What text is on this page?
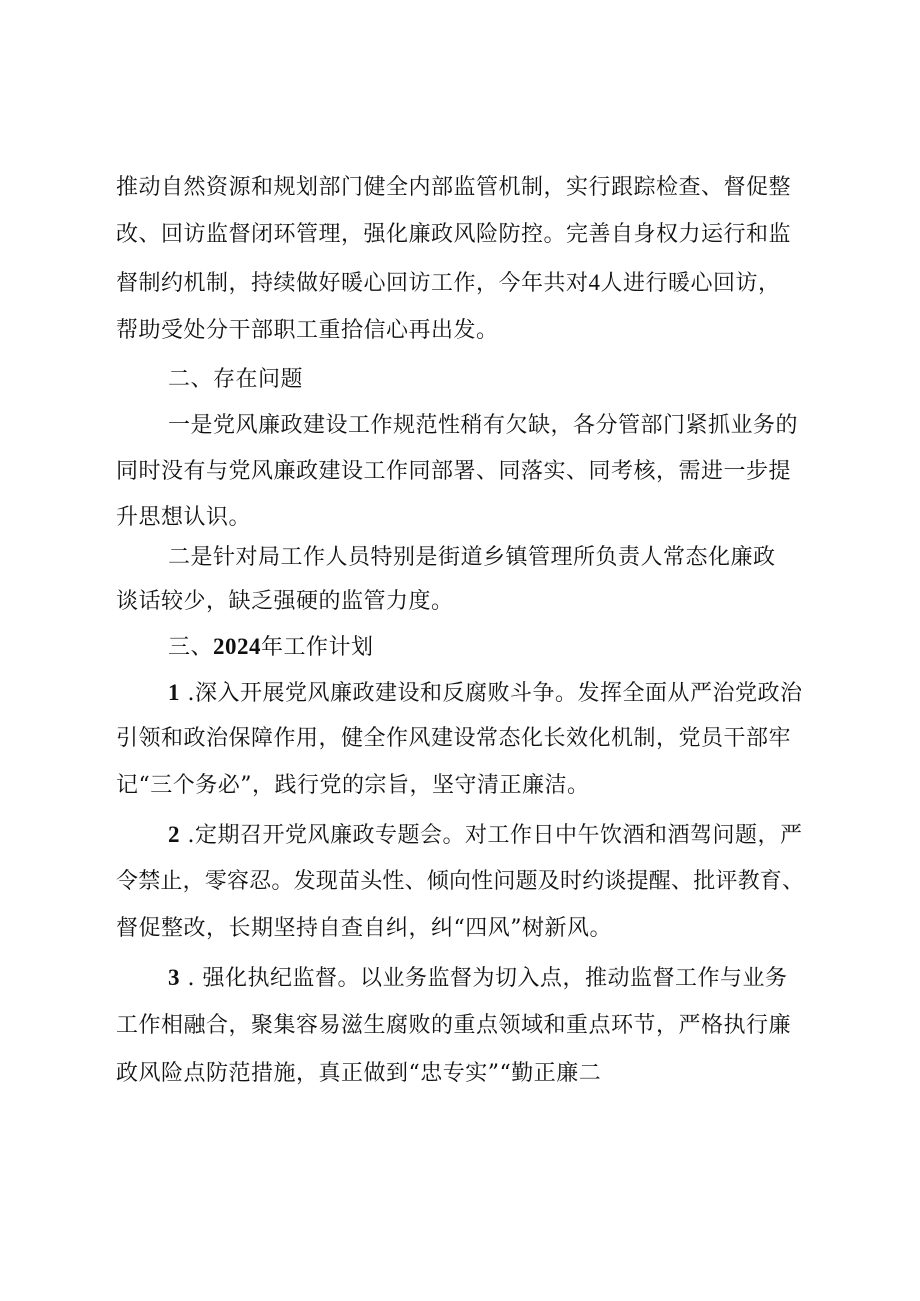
推动自然资源和规划部门健全内部监管机制，实行跟踪检查、督促整
改、回访监督闭环管理，强化廉政风险防控。完善自身权力运行和监
督制约机制，持续做好暖心回访工作，今年共对4人进行暖心回访，
帮助受处分干部职工重拾信心再出发。
二、存在问题
一是党风廉政建设工作规范性稍有欠缺，各分管部门紧抓业务的
同时没有与党风廉政建设工作同部署、同落实、同考核，需进一步提
升思想认识。
二是针对局工作人员特别是街道乡镇管理所负责人常态化廉政
谈话较少，缺乏强硬的监管力度。
三、2024年工作计划
1 .深入开展党风廉政建设和反腐败斗争。发挥全面从严治党政治
引领和政治保障作用，健全作风建设常态化长效化机制，党员干部牢
记“三个务必”，践行党的宗旨，坚守清正廉洁。
2 .定期召开党风廉政专题会。对工作日中午饮酒和酒驾问题，严
令禁止，零容忍。发现苗头性、倾向性问题及时约谈提醒、批评教育、
督促整改，长期坚持自查自纠，纠“四风”树新风。
3 . 强化执纪监督。以业务监督为切入点，推动监督工作与业务
工作相融合，聚集容易滋生腐败的重点领域和重点环节，严格执行廉
政风险点防范措施，真正做到“忠专实”“勤正廉二
